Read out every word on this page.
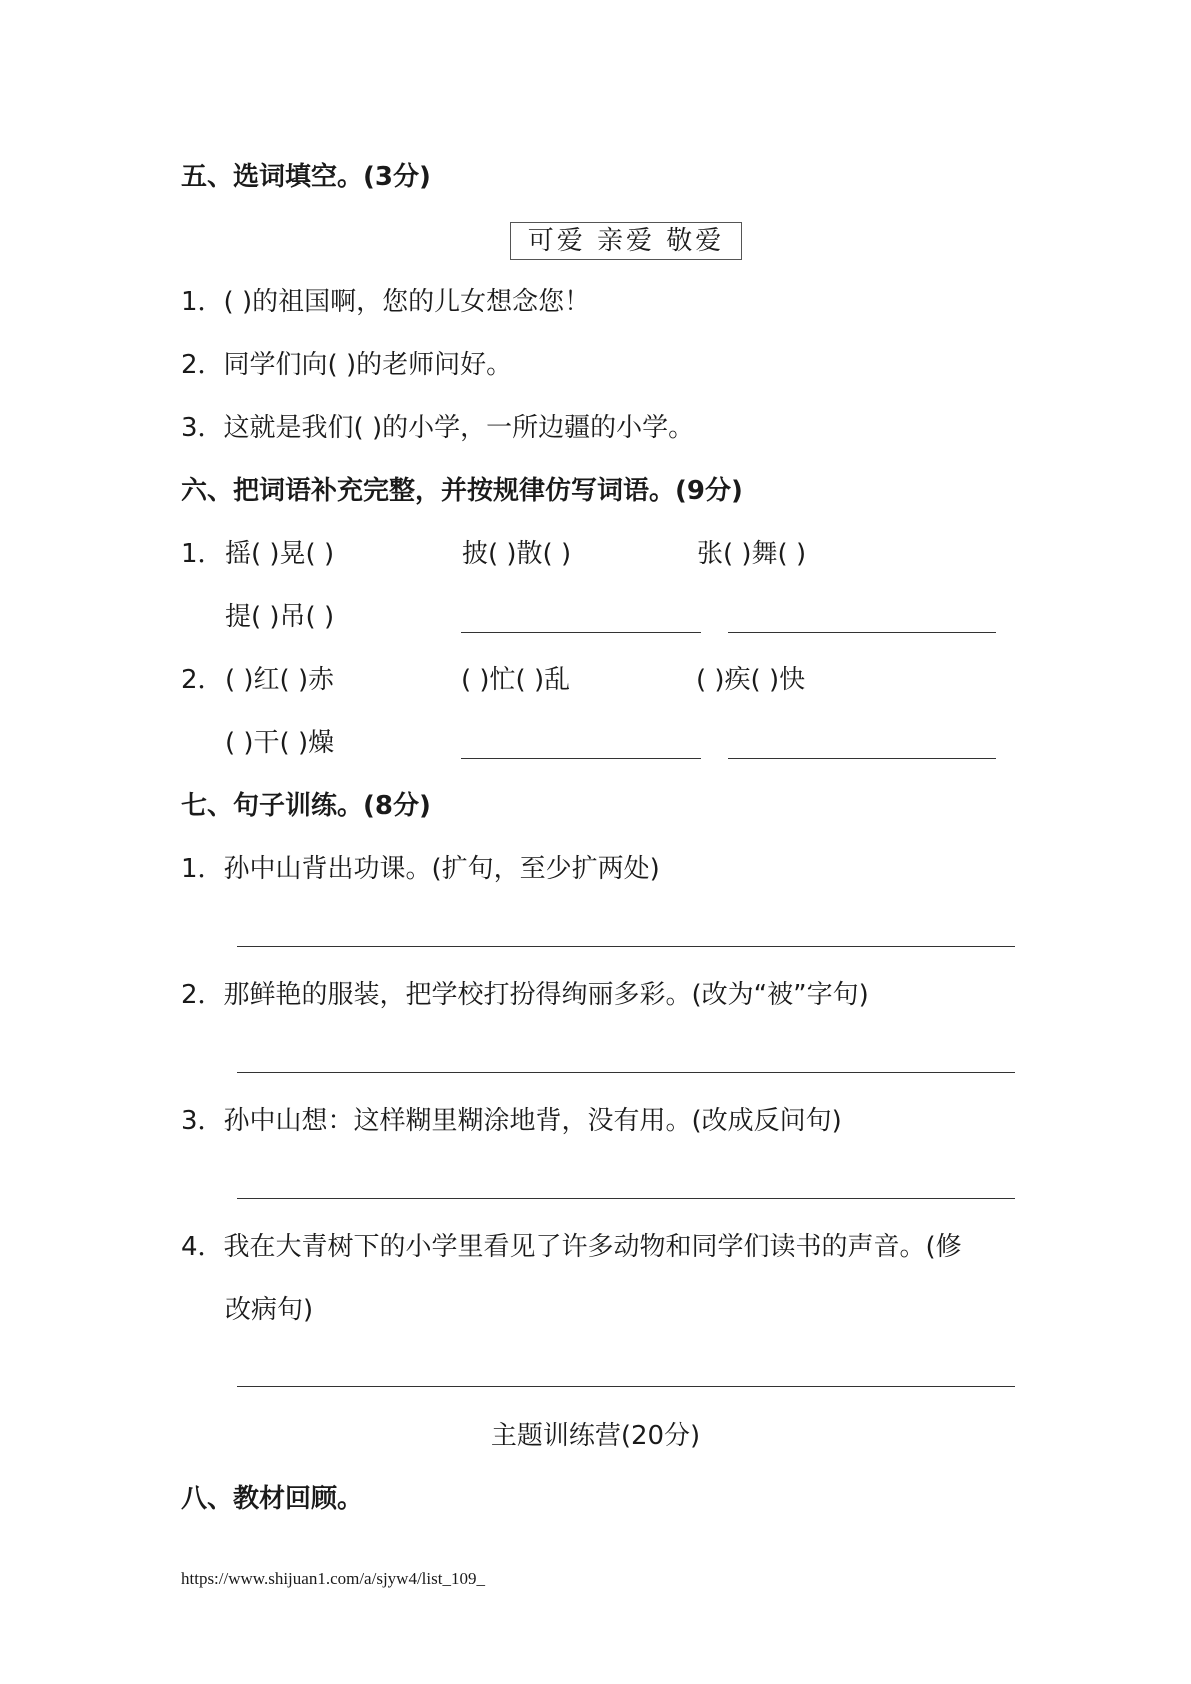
五、选词填空。(3分)
可爱 亲爱 敬爱
1．( )的祖国啊，您的儿女想念您！
2．同学们向( )的老师问好。
3．这就是我们( )的小学，一所边疆的小学。
六、把词语补充完整，并按规律仿写词语。(9分)
1． 摇( )晃( )	披( )散( )	张( )舞( )
提( )吊( )
2． ( )红( )赤	( )忙( )乱	( )疾( )快
( )干( )燥
七、句子训练。(8分)
1．孙中山背出功课。(扩句，至少扩两处)
2．那鲜艳的服装，把学校打扮得绚丽多彩。(改为“被”字句)
3．孙中山想：这样糊里糊涂地背，没有用。(改成反问句)
4．我在大青树下的小学里看见了许多动物和同学们读书的声音。(修
改病句)
主题训练营(20分)
八、教材回顾。
https://www.shijuan1.com/a/sjyw4/list_109_
